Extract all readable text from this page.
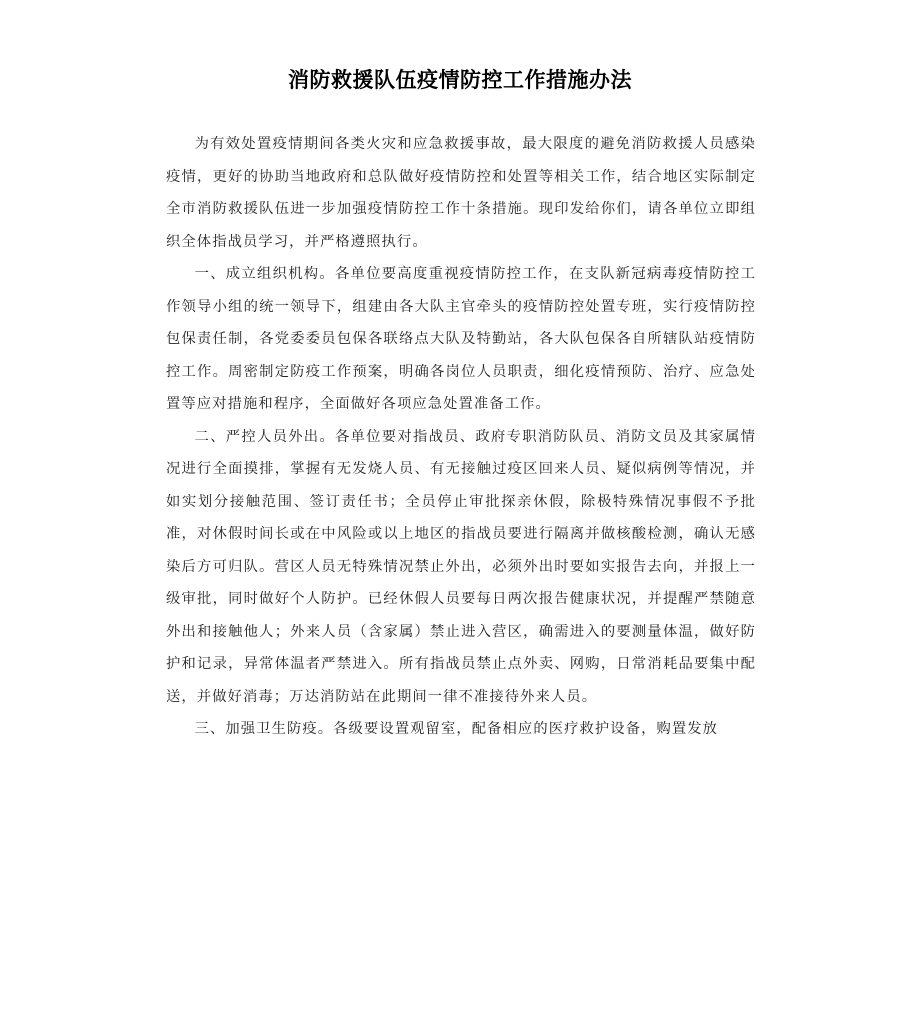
消防救援队伍疫情防控工作措施办法

为有效处置疫情期间各类火灾和应急救援事故，最大限度的避免消防救援人员感染疫情，更好的协助当地政府和总队做好疫情防控和处置等相关工作，结合地区实际制定全市消防救援队伍进一步加强疫情防控工作十条措施。现印发给你们，请各单位立即组织全体指战员学习，并严格遵照执行。

一、成立组织机构。各单位要高度重视疫情防控工作，在支队新冠病毒疫情防控工作领导小组的统一领导下，组建由各大队主官牵头的疫情防控处置专班，实行疫情防控包保责任制，各党委委员包保各联络点大队及特勤站，各大队包保各自所辖队站疫情防控工作。周密制定防疫工作预案，明确各岗位人员职责，细化疫情预防、治疗、应急处置等应对措施和程序，全面做好各项应急处置准备工作。

二、严控人员外出。各单位要对指战员、政府专职消防队员、消防文员及其家属情况进行全面摸排，掌握有无发烧人员、有无接触过疫区回来人员、疑似病例等情况，并如实划分接触范围、签订责任书；全员停止审批探亲休假，除极特殊情况事假不予批准，对休假时间长或在中风险或以上地区的指战员要进行隔离并做核酸检测，确认无感染后方可归队。营区人员无特殊情况禁止外出，必须外出时要如实报告去向，并报上一级审批，同时做好个人防护。已经休假人员要每日两次报告健康状况，并提醒严禁随意外出和接触他人；外来人员（含家属）禁止进入营区，确需进入的要测量体温，做好防护和记录，异常体温者严禁进入。所有指战员禁止点外卖、网购，日常消耗品要集中配送，并做好消毒；万达消防站在此期间一律不准接待外来人员。

三、加强卫生防疫。各级要设置观留室，配备相应的医疗救护设备，购置发放
